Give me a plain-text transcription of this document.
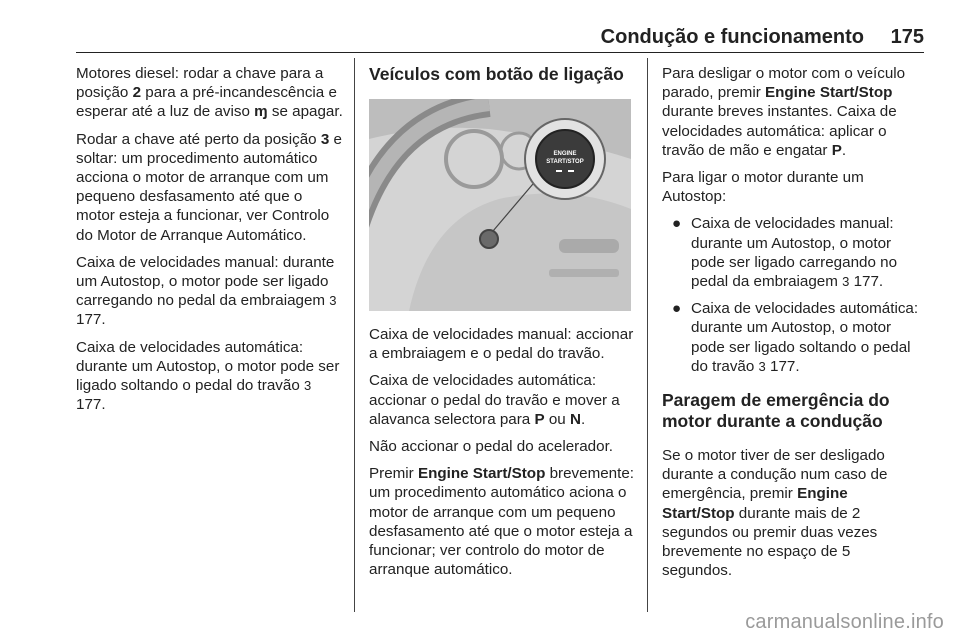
Condução e funcionamento 175

Motores diesel: rodar a chave para a posição 2 para a pré-incandescência e esperar até a luz de aviso ɱ se apagar.

Rodar a chave até perto da posição 3 e soltar: um procedimento automático acciona o motor de arranque com um pequeno desfasamento até que o motor esteja a funcionar, ver Controlo do Motor de Arranque Automático.

Caixa de velocidades manual: durante um Autostop, o motor pode ser ligado carregando no pedal da embraiagem 3 177.

Caixa de velocidades automática: durante um Autostop, o motor pode ser ligado soltando o pedal do travão 3 177.

Veículos com botão de ligação
ENGINE
START/STOP

Caixa de velocidades manual: accionar a embraiagem e o pedal do travão.

Caixa de velocidades automática: accionar o pedal do travão e mover a alavanca selectora para P ou N.

Não accionar o pedal do acelerador.

Premir Engine Start/Stop brevemente: um procedimento automático aciona o motor de arranque com um pequeno desfasamento até que o motor esteja a funcionar; ver controlo do motor de arranque automático.

Para desligar o motor com o veículo parado, premir Engine Start/Stop durante breves instantes. Caixa de velocidades automática: aplicar o travão de mão e engatar P.

Para ligar o motor durante um Autostop:

● Caixa de velocidades manual: durante um Autostop, o motor pode ser ligado carregando no pedal da embraiagem 3 177.
● Caixa de velocidades automática: durante um Autostop, o motor pode ser ligado soltando o pedal do travão 3 177.
Paragem de emergência do motor durante a condução

Se o motor tiver de ser desligado durante a condução num caso de emergência, premir Engine Start/Stop durante mais de 2 segundos ou premir duas vezes brevemente no espaço de 5 segundos.

carmanualsonline.info
